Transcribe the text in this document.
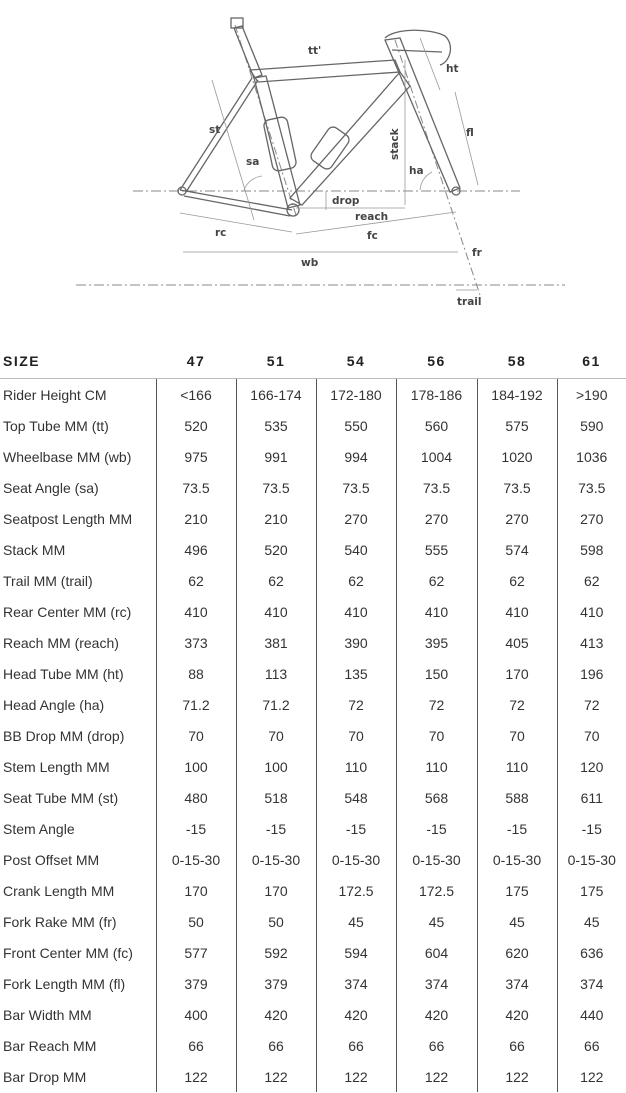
tt'
ht
st	fl
stack
sa
ha
drop
reach
rc	fc
wb
fr
trail
SIZE	47	51	54	56	58	61
Rider Height CM	<166	166-174	172-180	178-186	184-192	>190
Top Tube MM (tt)	520	535	550	560	575	590
Wheelbase MM (wb)	975	991	994	1004	1020	1036
Seat Angle (sa)	73.5	73.5	73.5	73.5	73.5	73.5
Seatpost Length MM	210	210	270	270	270	270
Stack MM	496	520	540	555	574	598
Trail MM (trail)	62	62	62	62	62	62
Rear Center MM (rc)	410	410	410	410	410	410
Reach MM (reach)	373	381	390	395	405	413
Head Tube MM (ht)	88	113	135	150	170	196
Head Angle (ha)	71.2	71.2	72	72	72	72
BB Drop MM (drop)	70	70	70	70	70	70
Stem Length MM	100	100	110	110	110	120
Seat Tube MM (st)	480	518	548	568	588	611
Stem Angle	-15	-15	-15	-15	-15	-15
Post Offset MM	0-15-30	0-15-30	0-15-30	0-15-30	0-15-30	0-15-30
Crank Length MM	170	170	172.5	172.5	175	175
Fork Rake MM (fr)	50	50	45	45	45	45
Front Center MM (fc)	577	592	594	604	620	636
Fork Length MM (fl)	379	379	374	374	374	374
Bar Width MM	400	420	420	420	420	440
Bar Reach MM	66	66	66	66	66	66
Bar Drop MM	122	122	122	122	122	122
